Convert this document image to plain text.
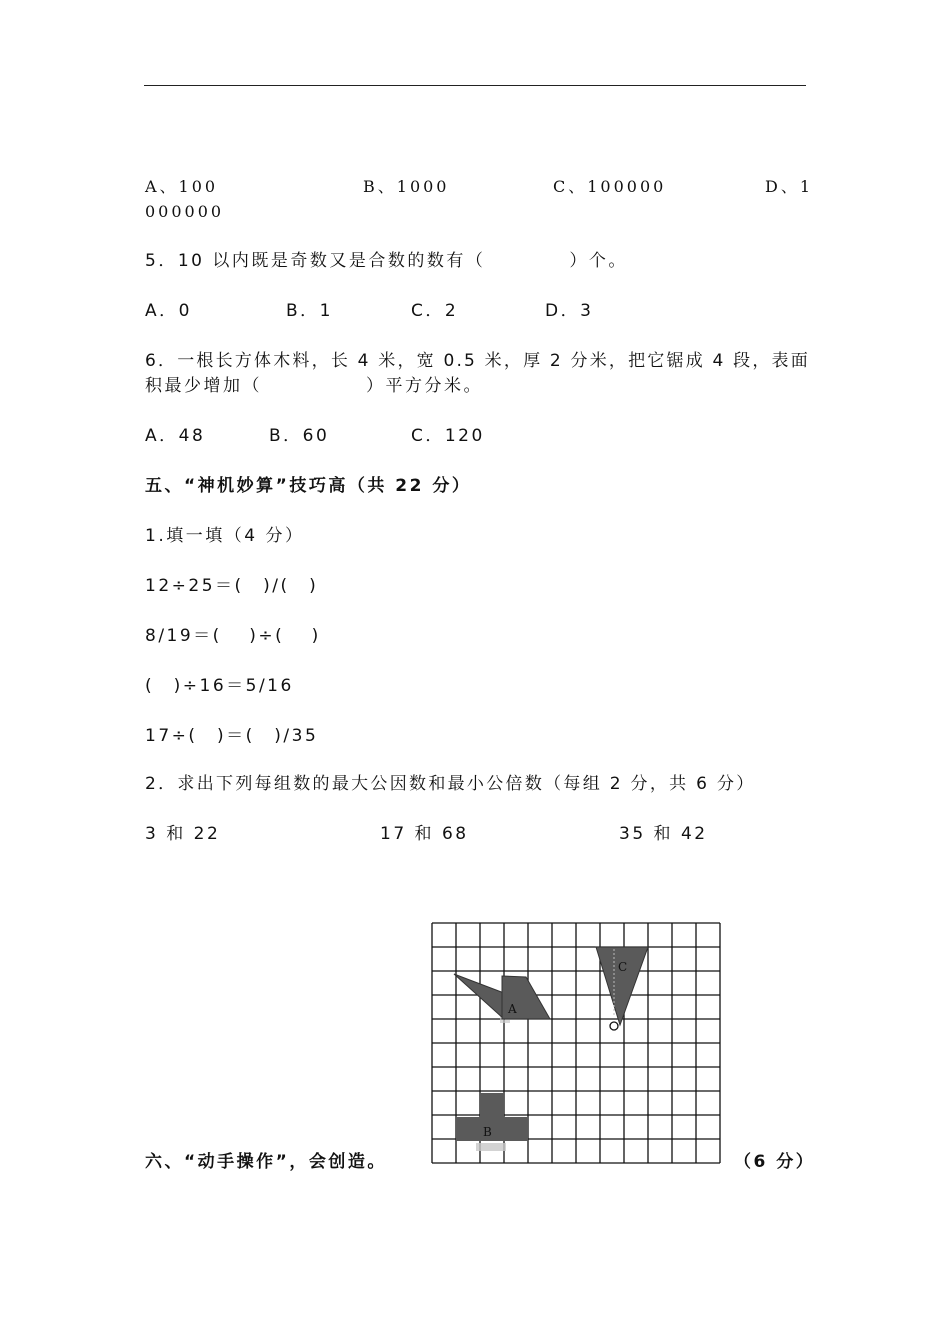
A、100	B、1000	C、100000	D、1
000000
5．10 以内既是奇数又是合数的数有（	）个。
A．0	B．1	C．2	D．3
6．一根长方体木料，长 4 米，宽 0.5 米，厚 2 分米，把它锯成 4 段，表面
积最少增加（	）平方分米。
A．48	B．60	C．120
五、“神机妙算”技巧高（共 22 分）
1.填一填（4 分）
12÷25＝(　)/(　)
8/19＝(　 )÷(　 )
(　)÷16＝5/16
17÷(　)＝(　)/35
2．求出下列每组数的最大公因数和最小公倍数（每组 2 分，共 6 分）
3 和 22	17 和 68	35 和 42
A
B
C
六、“动手操作”，会创造。	（6 分）
